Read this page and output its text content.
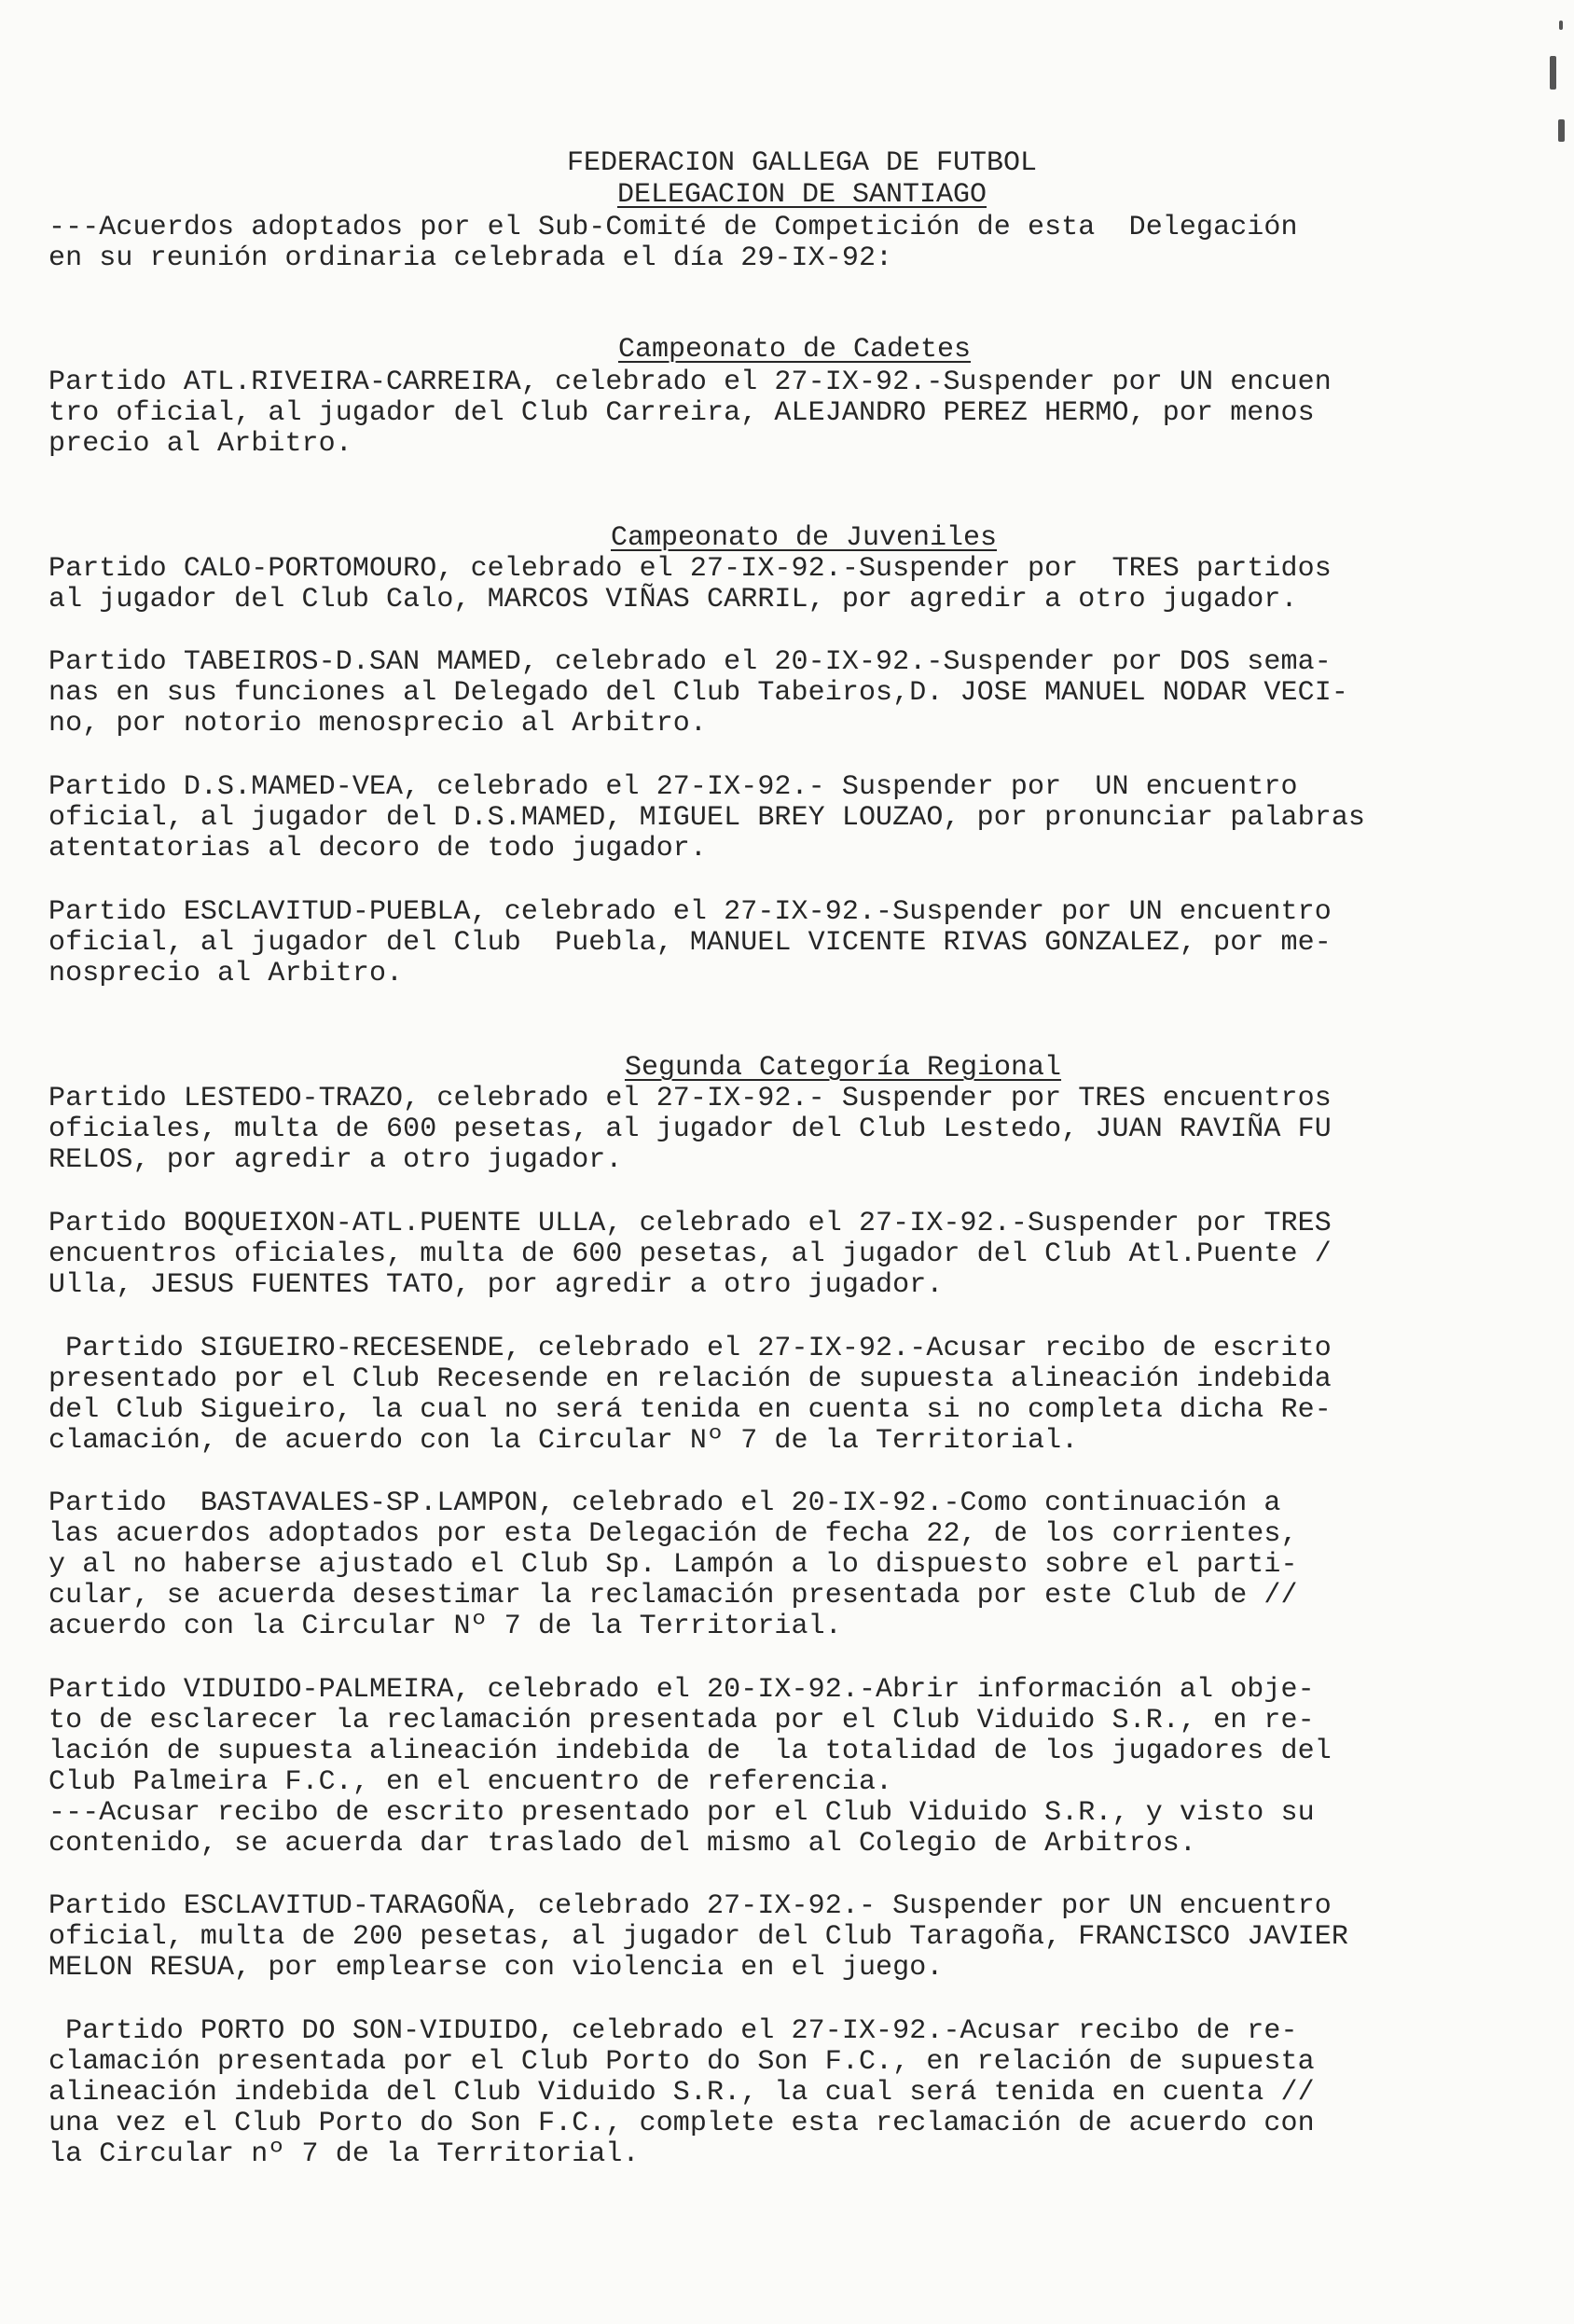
FEDERACION GALLEGA DE FUTBOL

DELEGACION DE SANTIAGO

---Acuerdos adoptados por el Sub-Comité de Competición de esta  Delegación
en su reunión ordinaria celebrada el día 29-IX-92:

Campeonato de Cadetes

Partido ATL.RIVEIRA-CARREIRA, celebrado el 27-IX-92.-Suspender por UN encuen
tro oficial, al jugador del Club Carreira, ALEJANDRO PEREZ HERMO, por menos
precio al Arbitro.

Campeonato de Juveniles

Partido CALO-PORTOMOURO, celebrado el 27-IX-92.-Suspender por  TRES partidos
al jugador del Club Calo, MARCOS VIÑAS CARRIL, por agredir a otro jugador.
Partido TABEIROS-D.SAN MAMED, celebrado el 20-IX-92.-Suspender por DOS sema-
nas en sus funciones al Delegado del Club Tabeiros,D. JOSE MANUEL NODAR VECI-
no, por notorio menosprecio al Arbitro.
Partido D.S.MAMED-VEA, celebrado el 27-IX-92.- Suspender por  UN encuentro
oficial, al jugador del D.S.MAMED, MIGUEL BREY LOUZAO, por pronunciar palabras
atentatorias al decoro de todo jugador.
Partido ESCLAVITUD-PUEBLA, celebrado el 27-IX-92.-Suspender por UN encuentro
oficial, al jugador del Club  Puebla, MANUEL VICENTE RIVAS GONZALEZ, por me-
nosprecio al Arbitro.

Segunda Categoría Regional

Partido LESTEDO-TRAZO, celebrado el 27-IX-92.- Suspender por TRES encuentros
oficiales, multa de 600 pesetas, al jugador del Club Lestedo, JUAN RAVIÑA FU
RELOS, por agredir a otro jugador.
Partido BOQUEIXON-ATL.PUENTE ULLA, celebrado el 27-IX-92.-Suspender por TRES
encuentros oficiales, multa de 600 pesetas, al jugador del Club Atl.Puente /
Ulla, JESUS FUENTES TATO, por agredir a otro jugador.
Partido SIGUEIRO-RECESENDE, celebrado el 27-IX-92.-Acusar recibo de escrito
presentado por el Club Recesende en relación de supuesta alineación indebida
del Club Sigueiro, la cual no será tenida en cuenta si no completa dicha Re-
clamación, de acuerdo con la Circular Nº 7 de la Territorial.
Partido  BASTAVALES-SP.LAMPON, celebrado el 20-IX-92.-Como continuación a
las acuerdos adoptados por esta Delegación de fecha 22, de los corrientes,
y al no haberse ajustado el Club Sp. Lampón a lo dispuesto sobre el parti-
cular, se acuerda desestimar la reclamación presentada por este Club de //
acuerdo con la Circular Nº 7 de la Territorial.
Partido VIDUIDO-PALMEIRA, celebrado el 20-IX-92.-Abrir información al obje-
to de esclarecer la reclamación presentada por el Club Viduido S.R., en re-
lación de supuesta alineación indebida de  la totalidad de los jugadores del
Club Palmeira F.C., en el encuentro de referencia.
---Acusar recibo de escrito presentado por el Club Viduido S.R., y visto su
contenido, se acuerda dar traslado del mismo al Colegio de Arbitros.
Partido ESCLAVITUD-TARAGOÑA, celebrado 27-IX-92.- Suspender por UN encuentro
oficial, multa de 200 pesetas, al jugador del Club Taragoña, FRANCISCO JAVIER
MELON RESUA, por emplearse con violencia en el juego.
Partido PORTO DO SON-VIDUIDO, celebrado el 27-IX-92.-Acusar recibo de re-
clamación presentada por el Club Porto do Son F.C., en relación de supuesta
alineación indebida del Club Viduido S.R., la cual será tenida en cuenta //
una vez el Club Porto do Son F.C., complete esta reclamación de acuerdo con
la Circular nº 7 de la Territorial.
